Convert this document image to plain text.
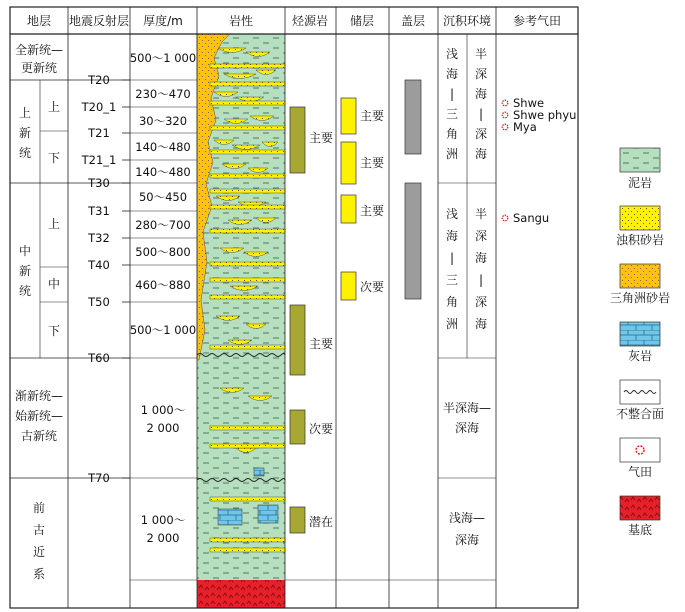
地层 地震反射层 厚度/m	岩性	烃源岩 储层 盖层 沉积环境 参考气田
全新统—
更新统
上
新
统
上
下
中
新
统
上
中
下
渐新统—
始新统—
古新统
前
古
近
系
T20
T20_1
T21
T21_1
T30
T31
T32
T40
T50
T60
T70
500～1 000
230～470
30～320
140～480
140～480
50～450
280～700
500～800
460～880
500～1 000
1 000～
2 000
1 000～
2 000
主要
主要
次要
潜在
主要
主要
主要
次要
浅
海
|
三
角
洲
半
深
海
|
深
海
浅
海
|
三
角
洲
半
深
海
|
深
海
半深海—
深海
浅海—
深海
Shwe
Shwe phyu
Mya
Sangu
泥岩
浊积砂岩
三角洲砂岩
灰岩
不整合面
气田
基底
